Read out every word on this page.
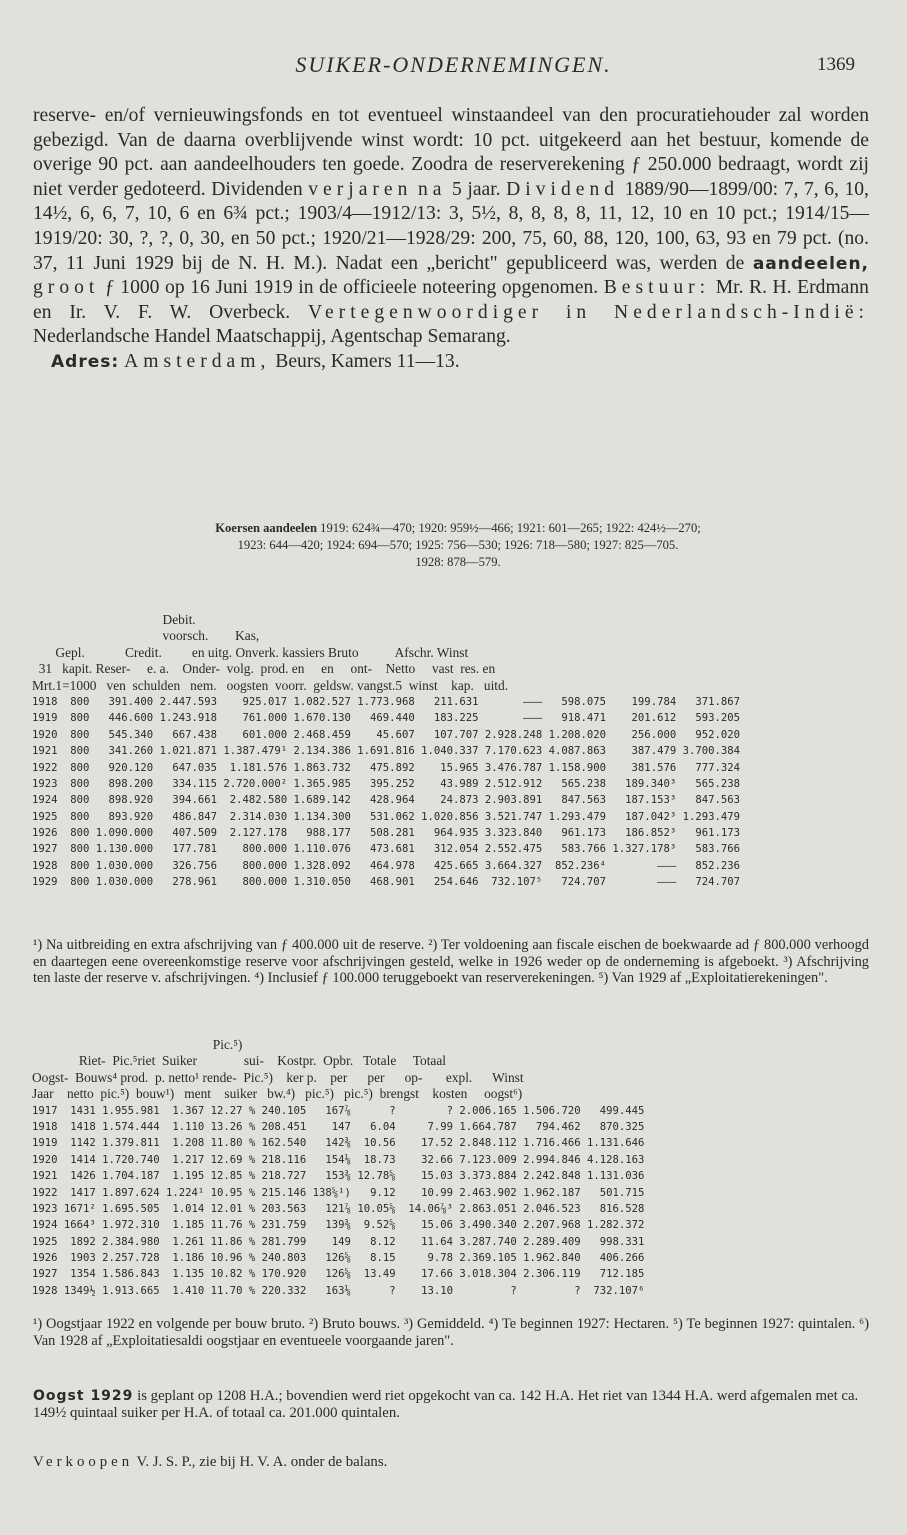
SUIKER-ONDERNEMINGEN.	1369

reserve- en/of vernieuwingsfonds en tot eventueel winstaandeel van den procuratiehouder zal worden gebezigd. Van de daarna overblijvende winst wordt: 10 pct. uitgekeerd aan het bestuur, komende de overige 90 pct. aan aandeelhouders ten goede. Zoodra de reserverekening ƒ 250.000 bedraagt, wordt zij niet verder gedoteerd. Dividenden verjaren na 5 jaar. Dividend 1889/90—1899/00: 7, 7, 6, 10, 14½, 6, 6, 7, 10, 6 en 6¾ pct.; 1903/4—1912/13: 3, 5½, 8, 8, 8, 8, 11, 12, 10 en 10 pct.; 1914/15—1919/20: 30, ?, ?, 0, 30, en 50 pct.; 1920/21—1928/29: 200, 75, 60, 88, 120, 100, 63, 93 en 79 pct. (no. 37, 11 Juni 1929 bij de N. H. M.). Nadat een „bericht" gepubliceerd was, werden de aandeelen, groot ƒ 1000 op 16 Juni 1919 in de officieele noteering opgenomen. Bestuur: Mr. R. H. Erdmann en Ir. V. F. W. Overbeck. Vertegenwoordiger in Nederlandsch-Indië: Nederlandsche Handel Maatschappij, Agentschap Semarang.

Adres: Amsterdam, Beurs, Kamers 11—13.

Koersen aandeelen 1919: 624¾—470; 1920: 959½—466; 1921: 601—265; 1922: 424½—270;
1923: 644—420; 1924: 694—570; 1925: 756—530; 1926: 718—580; 1927: 825—705.
1928: 878—579.
Debit.
voorsch.        Kas,
Gepl.            Credit.         en uitg. Onverk. kassiers Bruto           Afschr. Winst
31   kapit. Reser-     e. a.    Onder-  volg.  prod. en     en     ont-    Netto     vast  res. en
Mrt.1=1000   ven  schulden   nem.   oogsten  voorr.  geldsw. vangst.5  winst    kap.   uitd.
1918  800   391.400 2.447.593    925.017 1.082.527 1.773.968   211.631       ———   598.075    199.784   371.867
1919  800   446.600 1.243.918    761.000 1.670.130   469.440   183.225       ———   918.471    201.612   593.205
1920  800   545.340   667.438    601.000 2.468.459    45.607   107.707 2.928.248 1.208.020    256.000   952.020
1921  800   341.260 1.021.871 1.387.479¹ 2.134.386 1.691.816 1.040.337 7.170.623 4.087.863    387.479 3.700.384
1922  800   920.120   647.035  1.181.576 1.863.732   475.892    15.965 3.476.787 1.158.900    381.576   777.324
1923  800   898.200   334.115 2.720.000² 1.365.985   395.252    43.989 2.512.912   565.238   189.340³   565.238
1924  800   898.920   394.661  2.482.580 1.689.142   428.964    24.873 2.903.891   847.563   187.153³   847.563
1925  800   893.920   486.847  2.314.030 1.134.300   531.062 1.020.856 3.521.747 1.293.479   187.042³ 1.293.479
1926  800 1.090.000   407.509  2.127.178   988.177   508.281   964.935 3.323.840   961.173   186.852³   961.173
1927  800 1.130.000   177.781    800.000 1.110.076   473.681   312.054 2.552.475   583.766 1.327.178³   583.766
1928  800 1.030.000   326.756    800.000 1.328.092   464.978   425.665 3.664.327  852.236⁴        ———   852.236
1929  800 1.030.000   278.961    800.000 1.310.050   468.901   254.646  732.107⁵   724.707        ———   724.707

¹) Na uitbreiding en extra afschrijving van ƒ 400.000 uit de reserve. ²) Ter voldoening aan fiscale eischen de boekwaarde ad ƒ 800.000 verhoogd en daartegen eene overeenkomstige reserve voor afschrijvingen gesteld, welke in 1926 weder op de onderneming is afgeboekt. ³) Afschrijving ten laste der reserve v. afschrijvingen. ⁴) Inclusief ƒ 100.000 teruggeboekt van reserverekeningen. ⁵) Van 1929 af „Exploitatierekeningen".

Pic.⁵)
Riet-  Pic.⁵riet  Suiker              sui-    Kostpr.  Opbr.   Totale     Totaal
Oogst-  Bouws⁴ prod.  p. netto¹ rende-  Pic.⁵)    ker p.    per      per      op-       expl.      Winst
Jaar    netto  pic.⁵)  bouw¹)   ment    suiker   bw.⁴)   pic.⁵)   pic.⁵)  brengst    kosten     oogst⁶)
1917  1431 1.955.981  1.367 12.27 % 240.105   167⅞      ?        ? 2.006.165 1.506.720   499.445
1918  1418 1.574.444  1.110 13.26 % 208.451    147   6.04     7.99 1.664.787   794.462   870.325
1919  1142 1.379.811  1.208 11.80 % 162.540   142⅜  10.56    17.52 2.848.112 1.716.466 1.131.646
1920  1414 1.720.740  1.217 12.69 % 218.116   154⅛  18.73    32.66 7.123.009 2.994.846 4.128.163
1921  1426 1.704.187  1.195 12.85 % 218.727   153⅜ 12.78⅝    15.03 3.373.884 2.242.848 1.131.036
1922  1417 1.897.624 1.224¹ 10.95 % 215.146 138⅝¹)   9.12    10.99 2.463.902 1.962.187   501.715
1923 1671² 1.695.505  1.014 12.01 % 203.563   121⅞ 10.05⅝  14.06⅞³ 2.863.051 2.046.523   816.528
1924 1664³ 1.972.310  1.185 11.76 % 231.759   139⅜  9.52⅝    15.06 3.490.340 2.207.968 1.282.372
1925  1892 2.384.980  1.261 11.86 % 281.799    149   8.12    11.64 3.287.740 2.289.409   998.331
1926  1903 2.257.728  1.186 10.96 % 240.803   126⅝   8.15     9.78 2.369.105 1.962.840   406.266
1927  1354 1.586.843  1.135 10.82 % 170.920   126⅝  13.49    17.66 3.018.304 2.306.119   712.185
1928 1349½ 1.913.665  1.410 11.70 % 220.332   163⅛      ?    13.10         ?         ?  732.107⁶

¹) Oogstjaar 1922 en volgende per bouw bruto. ²) Bruto bouws. ³) Gemiddeld. ⁴) Te beginnen 1927: Hectaren. ⁵) Te beginnen 1927: quintalen. ⁶) Van 1928 af „Exploitatiesaldi oogstjaar en eventueele voorgaande jaren".

Oogst 1929 is geplant op 1208 H.A.; bovendien werd riet opgekocht van ca. 142 H.A. Het riet van 1344 H.A. werd afgemalen met ca. 149½ quintaal suiker per H.A. of totaal ca. 201.000 quintalen.

Verkoopen V. J. S. P., zie bij H. V. A. onder de balans.
